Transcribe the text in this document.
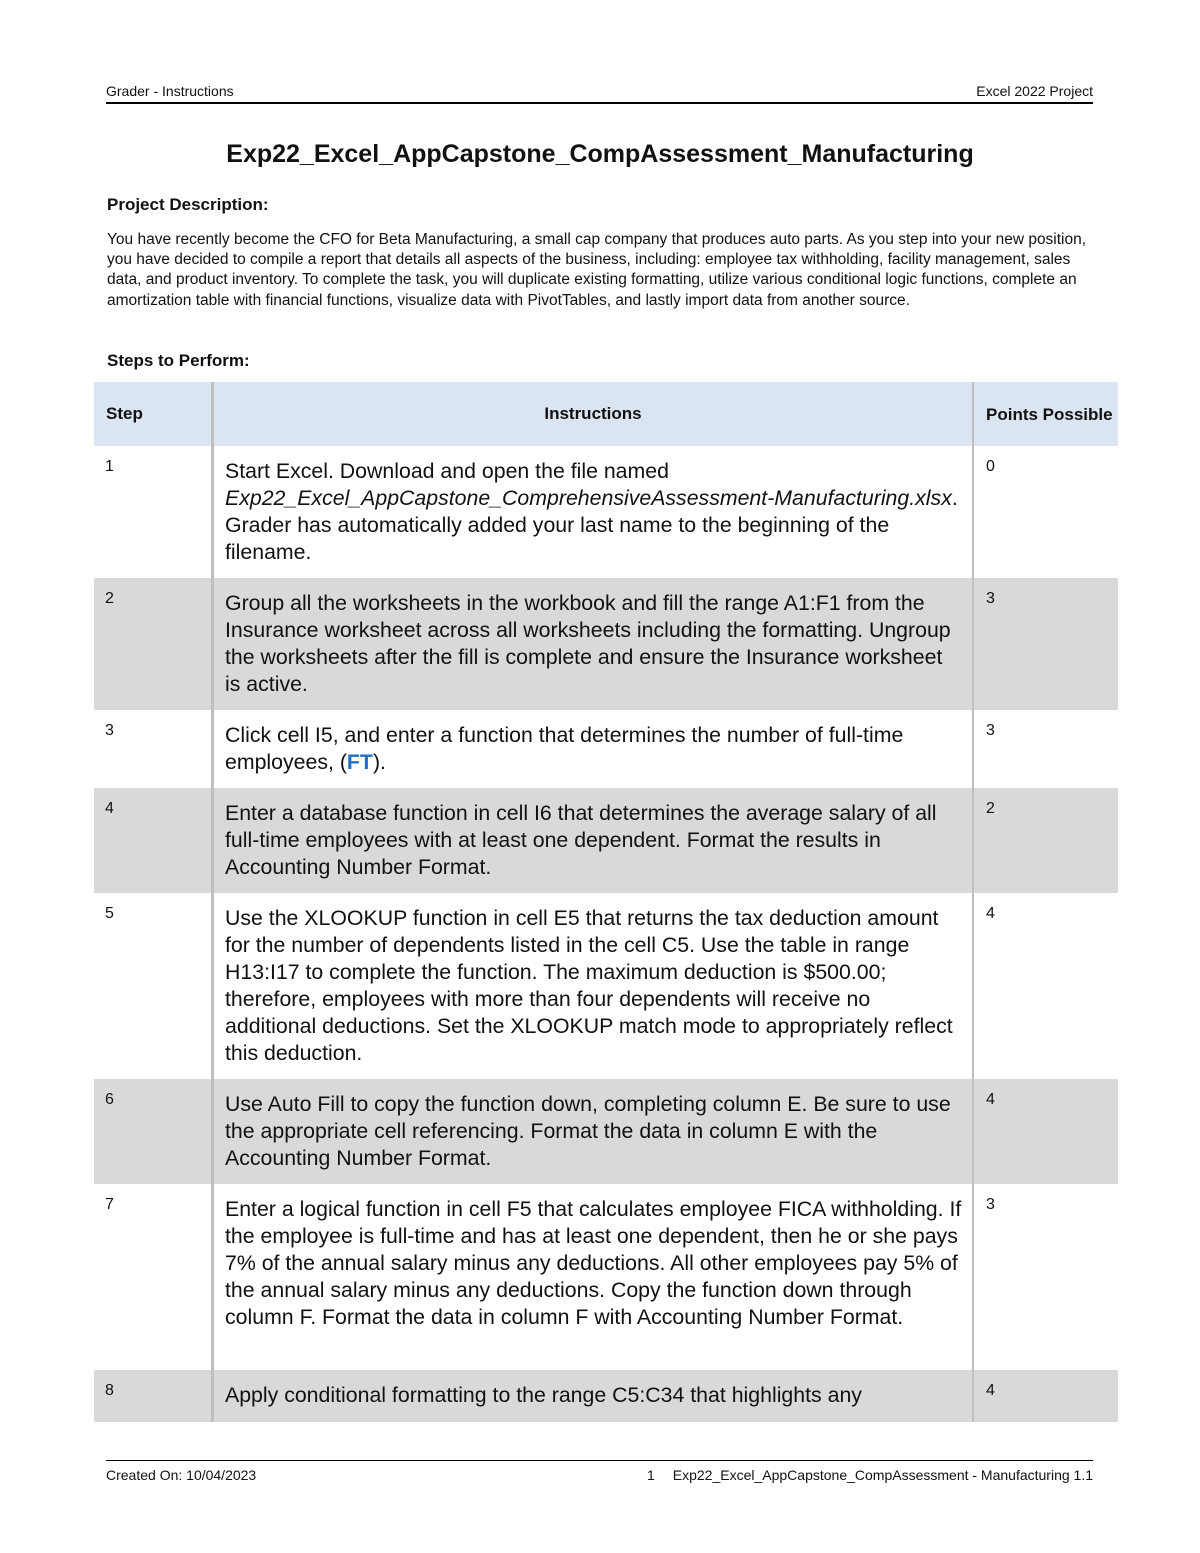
Grader - Instructions	Excel 2022 Project
Exp22_Excel_AppCapstone_CompAssessment_Manufacturing
Project Description:
You have recently become the CFO for Beta Manufacturing, a small cap company that produces auto parts. As you step into your new position, you have decided to compile a report that details all aspects of the business, including: employee tax withholding, facility management, sales data, and product inventory. To complete the task, you will duplicate existing formatting, utilize various conditional logic functions, complete an amortization table with financial functions, visualize data with PivotTables, and lastly import data from another source.
Steps to Perform:
Step	Instructions	Points Possible
1	Start Excel. Download and open the file named Exp22_Excel_AppCapstone_ComprehensiveAssessment-Manufacturing.xlsx. Grader has automatically added your last name to the beginning of the filename.	0
2	Group all the worksheets in the workbook and fill the range A1:F1 from the Insurance worksheet across all worksheets including the formatting. Ungroup the worksheets after the fill is complete and ensure the Insurance worksheet is active.	3
3	Click cell I5, and enter a function that determines the number of full-time employees, (FT).	3
4	Enter a database function in cell I6 that determines the average salary of all full-time employees with at least one dependent. Format the results in Accounting Number Format.	2
5	Use the XLOOKUP function in cell E5 that returns the tax deduction amount for the number of dependents listed in the cell C5. Use the table in range H13:I17 to complete the function. The maximum deduction is $500.00; therefore, employees with more than four dependents will receive no additional deductions. Set the XLOOKUP match mode to appropriately reflect this deduction.	4
6	Use Auto Fill to copy the function down, completing column E. Be sure to use the appropriate cell referencing. Format the data in column E with the Accounting Number Format.	4
7	Enter a logical function in cell F5 that calculates employee FICA withholding. If the employee is full-time and has at least one dependent, then he or she pays 7% of the annual salary minus any deductions. All other employees pay 5% of the annual salary minus any deductions. Copy the function down through column F. Format the data in column F with Accounting Number Format.	3
8	Apply conditional formatting to the range C5:C34 that highlights any	4
Created On: 10/04/2023	1 Exp22_Excel_AppCapstone_CompAssessment - Manufacturing 1.1
